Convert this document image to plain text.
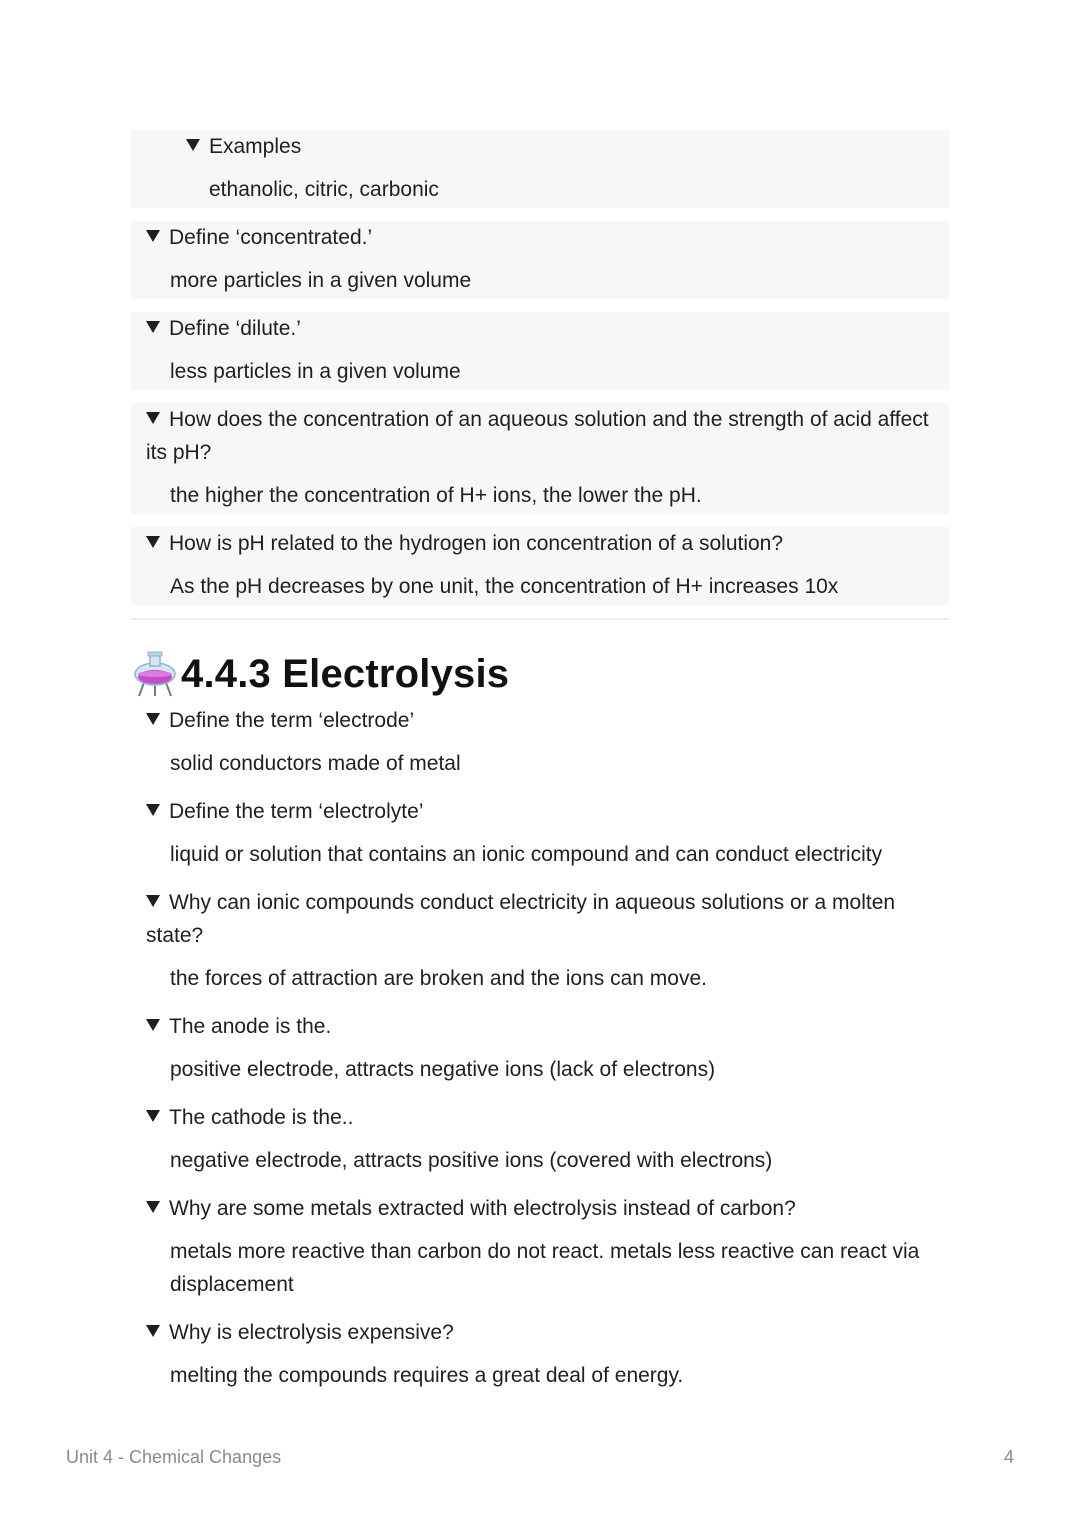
Examples
ethanolic, citric, carbonic
Define ‘concentrated.’
more particles in a given volume
Define ‘dilute.’
less particles in a given volume
How does the concentration of an aqueous solution and the strength of acid affect its pH?
the higher the concentration of H+ ions, the lower the pH.
How is pH related to the hydrogen ion concentration of a solution?
As the pH decreases by one unit, the concentration of H+ increases 10x
4.4.3 Electrolysis
Define the term ‘electrode’
solid conductors made of metal
Define the term ‘electrolyte’
liquid or solution that contains an ionic compound and can conduct electricity
Why can ionic compounds conduct electricity in aqueous solutions or a molten state?
the forces of attraction are broken and the ions can move.
The anode is the.
positive electrode, attracts negative ions (lack of electrons)
The cathode is the..
negative electrode, attracts positive ions (covered with electrons)
Why are some metals extracted with electrolysis instead of carbon?
metals more reactive than carbon do not react. metals less reactive can react via displacement
Why is electrolysis expensive?
melting the compounds requires a great deal of energy.
Unit 4 - Chemical Changes	4
